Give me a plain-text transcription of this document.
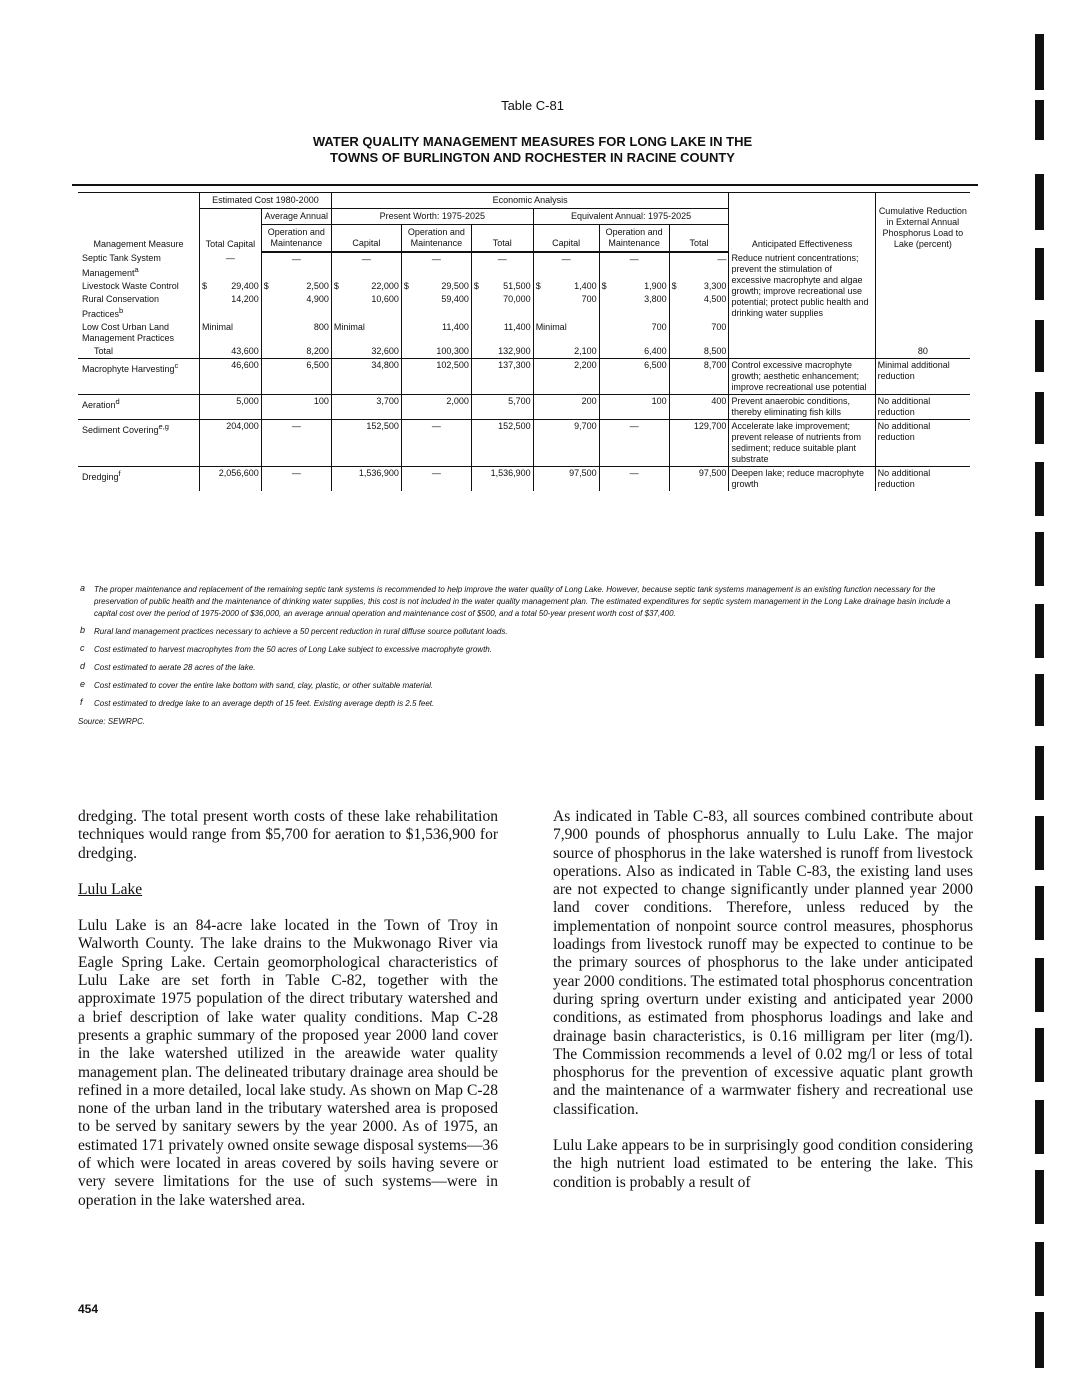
Table C-81
WATER QUALITY MANAGEMENT MEASURES FOR LONG LAKE IN THE
TOWNS OF BURLINGTON AND ROCHESTER IN RACINE COUNTY
Management Measure	Estimated Cost 1980-2000		Economic Analysis						Anticipated Effectiveness	Cumulative Reduction in External Annual Phosphorus Load to Lake (percent)
	Total Capital	Average Annual	Present Worth: 1975-2025			Equivalent Annual: 1975-2025				
		Operation and Maintenance	Capital	Operation and Maintenance	Total	Capital	Operation and Maintenance	Total		
Septic Tank System Management$^a$	—	—	—	—	—	—	—	—	Reduce nutrient concentrations; prevent the stimulation of excessive macrophyte and algae growth; improve recreational use potential; protect public health and drinking water supplies	
Livestock Waste Control	$ 29,400	$ 2,500	$ 22,000	$ 29,500	$ 51,500	$ 1,400	$ 1,900	$ 3,300		
Rural Conservation Practices$^b$	14,200	4,900	10,600	59,400	70,000	700	3,800	4,500		
Low Cost Urban Land Management Practices	Minimal	800	Minimal	11,400	11,400	Minimal	700	700		
Total	43,600	8,200	32,600	100,300	132,900	2,100	6,400	8,500		80
Macrophyte Harvesting$^c$	46,600	6,500	34,800	102,500	137,300	2,200	6,500	8,700	Control excessive macrophyte growth; aesthetic enhancement; improve recreational use potential	Minimal additional reduction
Aeration$^d$	5,000	100	3,700	2,000	5,700	200	100	400	Prevent anaerobic conditions, thereby eliminating fish kills	No additional reduction
Sediment Covering$^{e,g}$	204,000	—	152,500	—	152,500	9,700	—	129,700	Accelerate lake improvement; prevent release of nutrients from sediment; reduce suitable plant substrate	No additional reduction
Dredging$^f$	2,056,600	—	1,536,900	—	1,536,900	97,500	—	97,500	Deepen lake; reduce macrophyte growth	No additional reduction
a The proper maintenance and replacement of the remaining septic tank systems is recommended to help improve the water quality of Long Lake. However, because septic tank systems management is an existing function necessary for the preservation of public health and the maintenance of drinking water supplies, this cost is not included in the water quality management plan. The estimated expenditures for septic system management in the Long Lake drainage basin include a capital cost over the period of 1975-2000 of $36,000, an average annual operation and maintenance cost of $500, and a total 50-year present worth cost of $37,400.
b Rural land management practices necessary to achieve a 50 percent reduction in rural diffuse source pollutant loads.
c Cost estimated to harvest macrophytes from the 50 acres of Long Lake subject to excessive macrophyte growth.
d Cost estimated to aerate 28 acres of the lake.
e Cost estimated to cover the entire lake bottom with sand, clay, plastic, or other suitable material.
f Cost estimated to dredge lake to an average depth of 15 feet. Existing average depth is 2.5 feet.
Source: SEWRPC.

dredging. The total present worth costs of these lake rehabilitation techniques would range from $5,700 for aeration to $1,536,900 for dredging.

Lulu Lake

Lulu Lake is an 84-acre lake located in the Town of Troy in Walworth County. The lake drains to the Mukwonago River via Eagle Spring Lake. Certain geomorphological characteristics of Lulu Lake are set forth in Table C-82, together with the approximate 1975 population of the direct tributary watershed and a brief description of lake water quality conditions. Map C-28 presents a graphic summary of the proposed year 2000 land cover in the lake watershed utilized in the areawide water quality management plan. The delineated tributary drainage area should be refined in a more detailed, local lake study. As shown on Map C-28 none of the urban land in the tributary watershed area is proposed to be served by sanitary sewers by the year 2000. As of 1975, an estimated 171 privately owned onsite sewage disposal systems—36 of which were located in areas covered by soils having severe or very severe limitations for the use of such systems—were in operation in the lake watershed area.

As indicated in Table C-83, all sources combined contribute about 7,900 pounds of phosphorus annually to Lulu Lake. The major source of phosphorus in the lake watershed is runoff from livestock operations. Also as indicated in Table C-83, the existing land uses are not expected to change significantly under planned year 2000 land cover conditions. Therefore, unless reduced by the implementation of nonpoint source control measures, phosphorus loadings from livestock runoff may be expected to continue to be the primary sources of phosphorus to the lake under anticipated year 2000 conditions. The estimated total phosphorus concentration during spring overturn under existing and anticipated year 2000 conditions, as estimated from phosphorus loadings and lake and drainage basin characteristics, is 0.16 milligram per liter (mg/l). The Commission recommends a level of 0.02 mg/l or less of total phosphorus for the prevention of excessive aquatic plant growth and the maintenance of a warmwater fishery and recreational use classification.

Lulu Lake appears to be in surprisingly good condition considering the high nutrient load estimated to be entering the lake. This condition is probably a result of

454
